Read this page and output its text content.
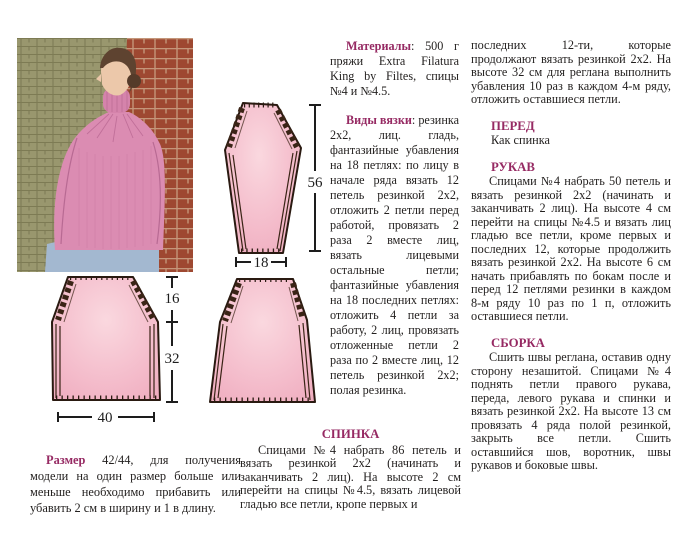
56
18
16
32
40

Материалы: 500 г пряжи Extra Filatura King by Filtes, спицы №4 и №4.5.

Виды вязки: резинка 2х2, лиц. гладь, фантазийные убавления на 18 петлях: по лицу в начале ряда вязать 12 петель резинкой 2х2, отложить 2 петли перед работой, провязать 2 раза 2 вместе лиц, вязать лицевыми остальные петли; фантазийные убавления на 18 последних петлях: отложить 4 петли за работу, 2 лиц, провязать отложенные петли 2 раза по 2 вместе лиц, 12 петель резинкой 2х2; полая резинка.

СПИНКА

Спицами №4 набрать 86 петель и вязать резинкой 2х2 (начинать и заканчивать 2 лиц). На высоте 2 см перейти на спицы №4.5, вязать лицевой гладью все петли, кропе первых и

последних 12-ти, которые продолжают вязать резинкой 2х2. На высоте 32 см для реглана выполнить убавления 10 раз в каждом 4-м ряду, отложить оставшиеся петли.

ПЕРЕД

Как спинка

РУКАВ

Спицами №4 набрать 50 петель и вязать резинкой 2х2 (начинать и заканчивать 2 лиц). На высоте 4 см перейти на спицы №4.5 и вязать лиц гладью все петли, кроме первых и последних 12, которые продолжить вязать резинкой 2х2. На высоте 6 см начать прибавлять по бокам после и перед 12 петлями резинки в каждом 8-м ряду 10 раз по 1 п, отложить оставшиеся петли.

СБОРКА

Сшить швы реглана, оставив одну сторону незашитой. Спицами №4 поднять петли правого рукава, переда, левого рукава и спинки и вязать резинкой 2х2. На высоте 13 см провязать 4 ряда полой резинкой, закрыть все петли. Сшить оставшийся шов, воротник, швы рукавов и боковые швы.

Размер 42/44, для получения модели на один размер больше или меньше необходимо прибавить или убавить 2 см в ширину и 1 в длину.
